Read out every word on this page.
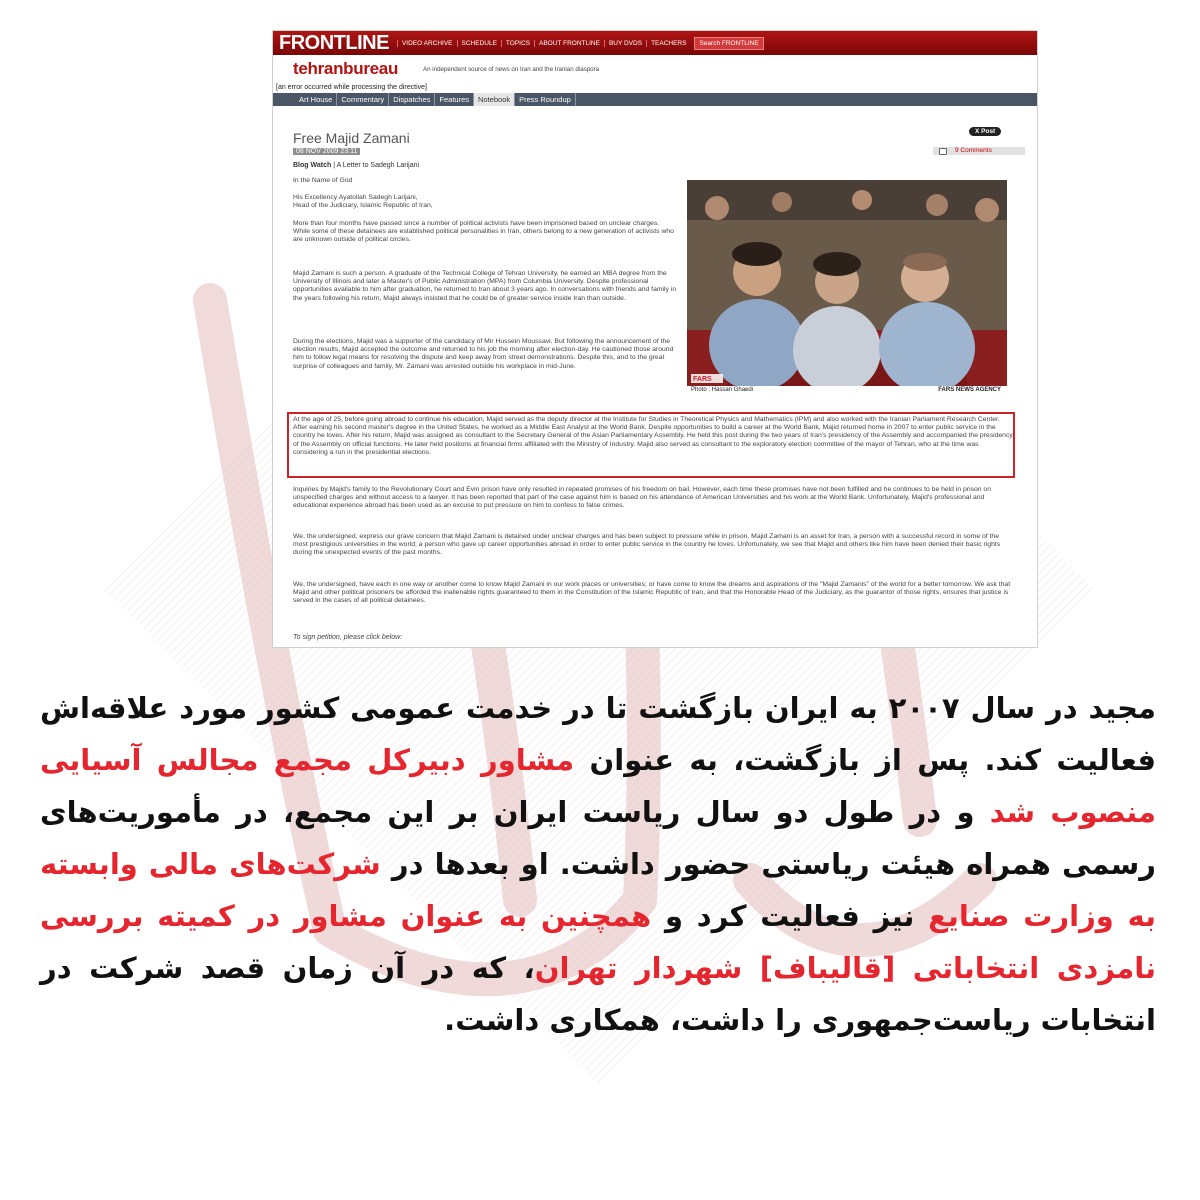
FRONTLINE	VIDEO ARCHIVE	SCHEDULE	TOPICS	ABOUT FRONTLINE	BUY DVDS	TEACHERS	Search FRONTLINE
tehranbureau	An independent source of news on Iran and the Iranian diaspora
[an error occurred while processing the directive]
Art House	Commentary	Dispatches	Features	Notebook	Press Roundup
Free Majid Zamani
08 NOV 2009 23:11
X Post
9 Comments
Blog Watch | A Letter to Sadegh Larijani

In the Name of God

His Excellency Ayatollah Sadegh Larijani,

Head of the Judiciary, Islamic Republic of Iran,

More than four months have passed since a number of political activists have been imprisoned based on unclear charges. While some of these detainees are established political personalities in Iran, others belong to a new generation of activists who are unknown outside of political circles.

Majid Zamani is such a person. A graduate of the Technical College of Tehran University, he earned an MBA degree from the University of Illinois and later a Master's of Public Administration (MPA) from Columbia University. Despite professional opportunities available to him after graduation, he returned to Iran about 3 years ago. In conversations with friends and family in the years following his return, Majid always insisted that he could be of greater service inside Iran than outside.

During the elections, Majid was a supporter of the candidacy of Mir Hussein Moussavi. But following the announcement of the election results, Majid accepted the outcome and returned to his job the morning after election-day. He cautioned those around him to follow legal means for resolving the dispute and keep away from street demonstrations. Despite this, and to the great surprise of colleagues and family, Mr. Zamani was arrested outside his workplace in mid-June.

FARS
Photo : Hassan Ghaedi	FARS NEWS AGENCY

At the age of 25, before going abroad to continue his education, Majid served as the deputy director at the Institute for Studies in Theoretical Physics and Mathematics (IPM) and also worked with the Iranian Parliament Research Center. After earning his second master's degree in the United States, he worked as a Middle East Analyst at the World Bank. Despite opportunities to build a career at the World Bank, Majid returned home in 2007 to enter public service in the country he loves. After his return, Majid was assigned as consultant to the Secretary General of the Asian Parliamentary Assembly. He held this post during the two years of Iran's presidency of the Assembly and accompanied the presidency of the Assembly on official functions. He later held positions at financial firms affiliated with the Ministry of Industry. Majid also served as consultant to the exploratory election committee of the mayor of Tehran, who at the time was considering a run in the presidential elections.

Inquiries by Majid's family to the Revolutionary Court and Evin prison have only resulted in repeated promises of his freedom on bail. However, each time these promises have not been fulfilled and he continues to be held in prison on unspecified charges and without access to a lawyer. It has been reported that part of the case against him is based on his attendance of American Universities and his work at the World Bank. Unfortunately, Majid's professional and educational experience abroad has been used as an excuse to put pressure on him to confess to false crimes.

We, the undersigned, express our grave concern that Majid Zamani is detained under unclear charges and has been subject to pressure while in prison. Majid Zamani is an asset for Iran, a person with a successful record in some of the most prestigious universities in the world; a person who gave up career opportunities abroad in order to enter public service in the country he loves. Unfortunately, we see that Majid and others like him have been denied their basic rights during the unexpected events of the past months.

We, the undersigned, have each in one way or another come to know Majid Zamani in our work places or universities; or have come to know the dreams and aspirations of the "Majid Zamanis" of the world for a better tomorrow. We ask that Majid and other political prisoners be afforded the inalienable rights guaranteed to them in the Constitution of the Islamic Republic of Iran, and that the Honorable Head of the Judiciary, as the guarantor of those rights, ensures that justice is served in the cases of all political detainees.

To sign petition, please click below:

مجید در سال ۲۰۰۷ به ایران بازگشت تا در خدمت عمومی کشور مورد علاقه‌اش فعالیت کند. پس از بازگشت، به عنوان مشاور دبیرکل مجمع مجالس آسیایی منصوب شد و در طول دو سال ریاست ایران بر این مجمع، در مأموریت‌های رسمی همراه هیئت ریاستی حضور داشت. او بعدها در شرکت‌های مالی وابسته به وزارت صنایع نیز فعالیت کرد و همچنین به عنوان مشاور در کمیته بررسی نامزدی انتخاباتی [قالیباف] شهردار تهران، که در آن زمان قصد شرکت در انتخابات ریاست‌جمهوری را داشت، همکاری داشت.
